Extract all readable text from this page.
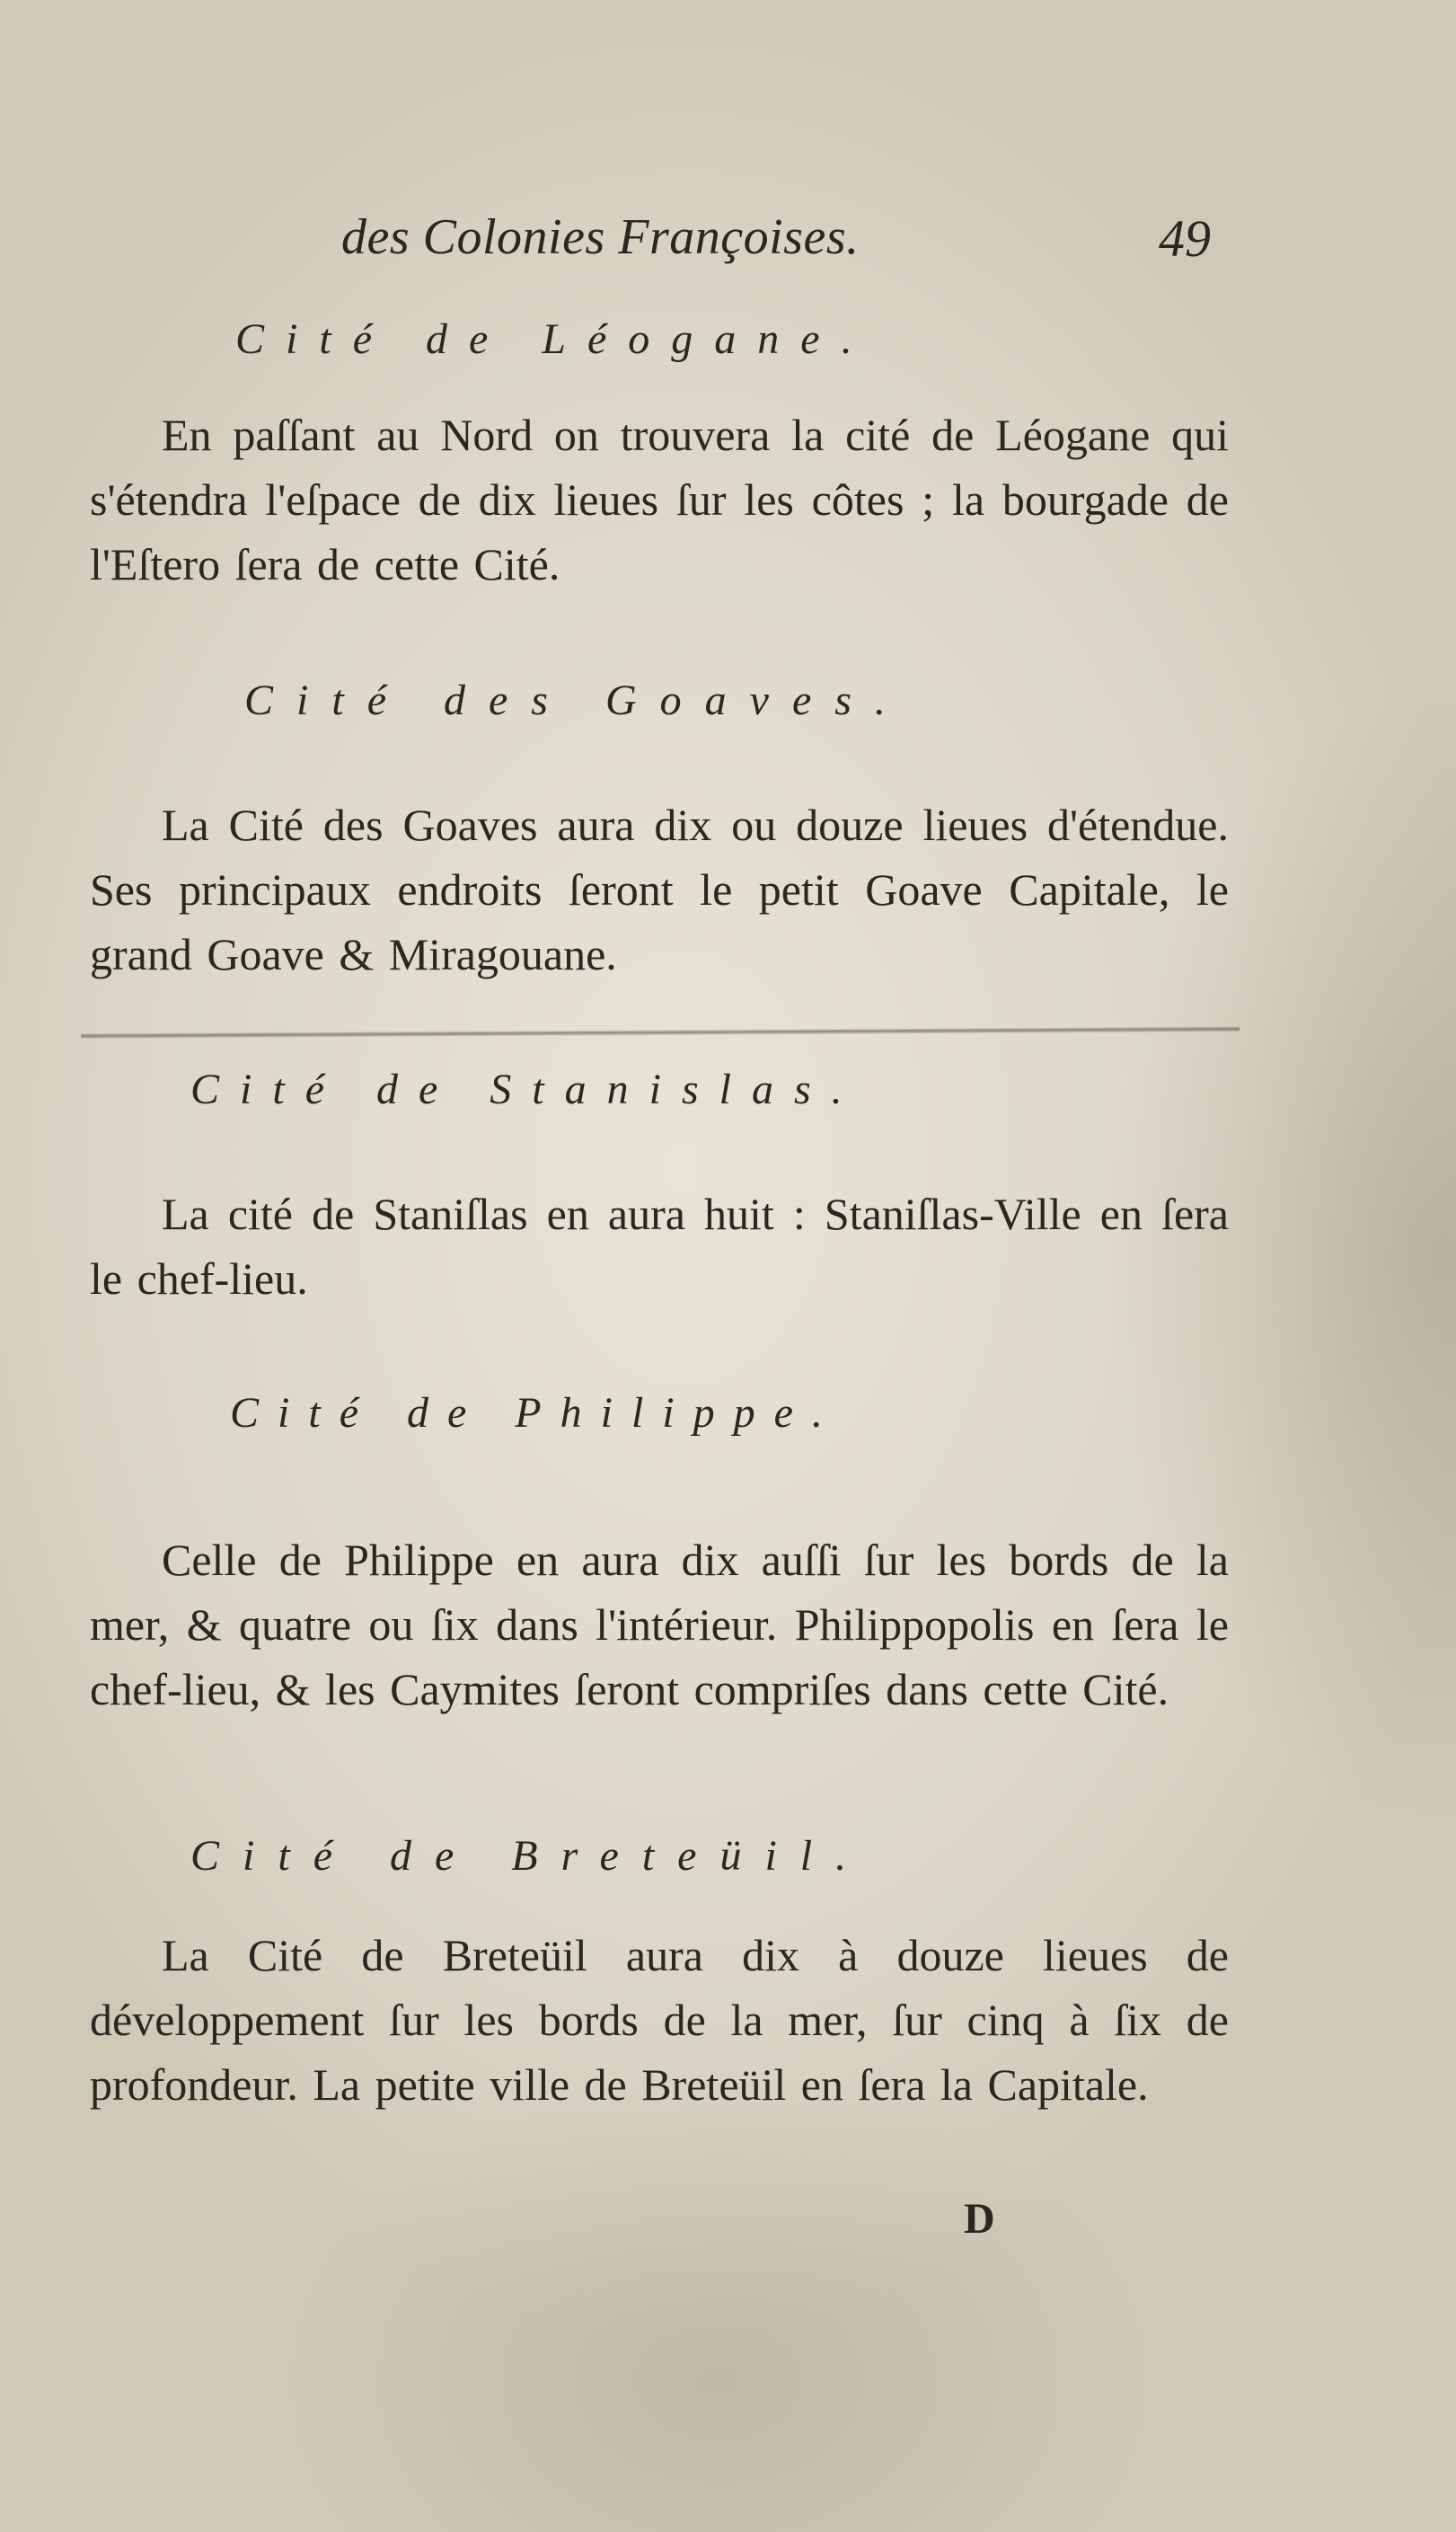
des Colonies Françoises.	49

Cité de Léogane.

En paſſant au Nord on trouvera la cité de Léogane qui s'étendra l'eſpace de dix lieues ſur les côtes ; la bourgade de l'Eſtero ſera de cette Cité.

Cité des Goaves.

La Cité des Goaves aura dix ou douze lieues d'étendue. Ses principaux endroits ſeront le petit Goave Capitale, le grand Goave & Miragouane.

Cité de Stanislas.

La cité de Staniſlas en aura huit : Staniſlas-Ville en ſera le chef-lieu.

Cité de Philippe.

Celle de Philippe en aura dix auſſi ſur les bords de la mer, & quatre ou ſix dans l'intérieur. Philippopolis en ſera le chef-lieu, & les Caymites ſeront compriſes dans cette Cité.

Cité de Breteüil.

La Cité de Breteüil aura dix à douze lieues de développement ſur les bords de la mer, ſur cinq à ſix de profondeur. La petite ville de Breteüil en ſera la Capitale.

D
